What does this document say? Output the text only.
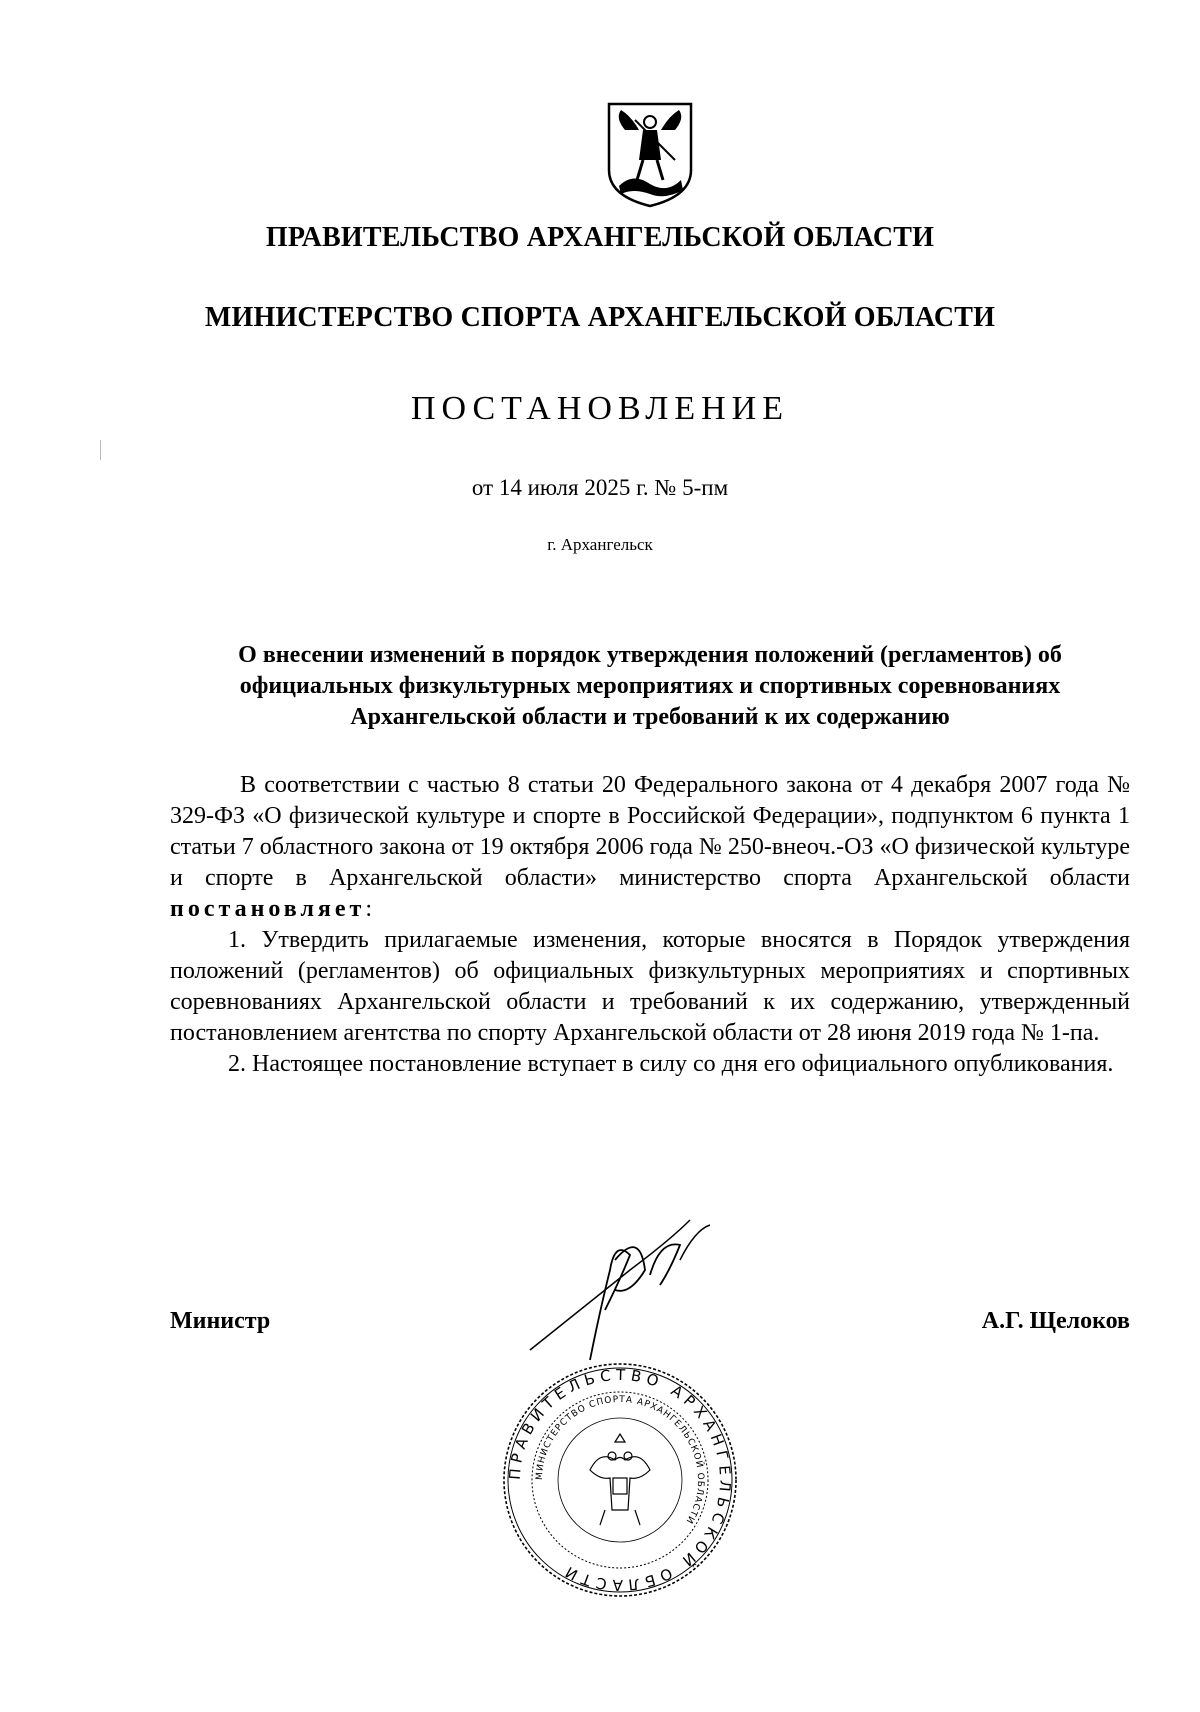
ПРАВИТЕЛЬСТВО АРХАНГЕЛЬСКОЙ ОБЛАСТИ
МИНИСТЕРСТВО СПОРТА АРХАНГЕЛЬСКОЙ ОБЛАСТИ
ПОСТАНОВЛЕНИЕ
от 14 июля 2025 г. № 5-пм
г. Архангельск
О внесении изменений в порядок утверждения положений (регламентов) об официальных физкультурных мероприятиях и спортивных соревнованиях Архангельской области и требований к их содержанию

В соответствии с частью 8 статьи 20 Федерального закона от 4 декабря 2007 года № 329-ФЗ «О физической культуре и спорте в Российской Федерации», подпунктом 6 пункта 1 статьи 7 областного закона от 19 октября 2006 года № 250-внеоч.-ОЗ «О физической культуре и спорте в Архангельской области» министерство спорта Архангельской области постановляет:

1. Утвердить прилагаемые изменения, которые вносятся в Порядок утверждения положений (регламентов) об официальных физкультурных мероприятиях и спортивных соревнованиях Архангельской области и требований к их содержанию, утвержденный постановлением агентства по спорту Архангельской области от 28 июня 2019 года № 1-па.

2. Настоящее постановление вступает в силу со дня его официального опубликования.

Министр	А.Г. Щелоков
ПРАВИТЕЛЬСТВО АРХАНГЕЛЬСКОЙ ОБЛАСТИ
МИНИСТЕРСТВО СПОРТА АРХАНГЕЛЬСКОЙ ОБЛАСТИ
